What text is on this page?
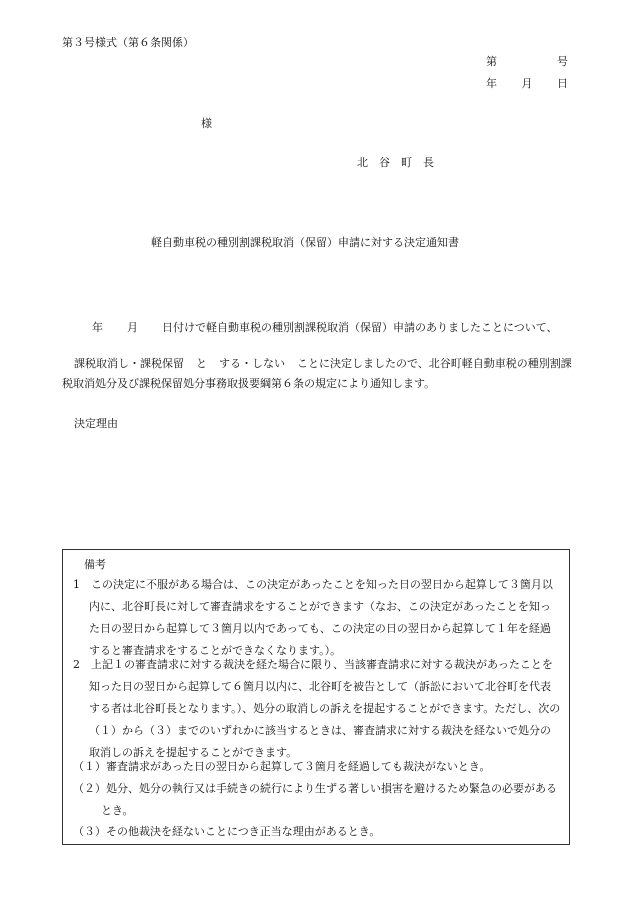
第３号様式（第６条関係）
第	号
年 月 日
様
北谷町長
軽自動車税の種別割課税取消（保留）申請に対する決定通知書
年 月 日付けで軽自動車税の種別割課税取消（保留）申請のありましたことについて、
課税取消し・課税保留 と する・しない ことに決定しましたので、北谷町軽自動車税の種別割課税取消処分及び課税保留処分事務取扱要綱第６条の規定により通知します。
決定理由
備考
1　この決定に不服がある場合は、この決定があったことを知った日の翌日から起算して３箇月以内に、北谷町長に対して審査請求をすることができます（なお、この決定があったことを知った日の翌日から起算して３箇月以内であっても、この決定の日の翌日から起算して１年を経過すると審査請求をすることができなくなります。）。
2　上記１の審査請求に対する裁決を経た場合に限り、当該審査請求に対する裁決があったことを知った日の翌日から起算して６箇月以内に、北谷町を被告として（訴訟において北谷町を代表する者は北谷町長となります。）、処分の取消しの訴えを提起することができます。ただし、次の（１）から（３）までのいずれかに該当するときは、審査請求に対する裁決を経ないで処分の取消しの訴えを提起することができます。
（１）審査請求があった日の翌日から起算して３箇月を経過しても裁決がないとき。
（２）処分、処分の執行又は手続きの続行により生ずる著しい損害を避けるため緊急の必要があるとき。
（３）その他裁決を経ないことにつき正当な理由があるとき。
